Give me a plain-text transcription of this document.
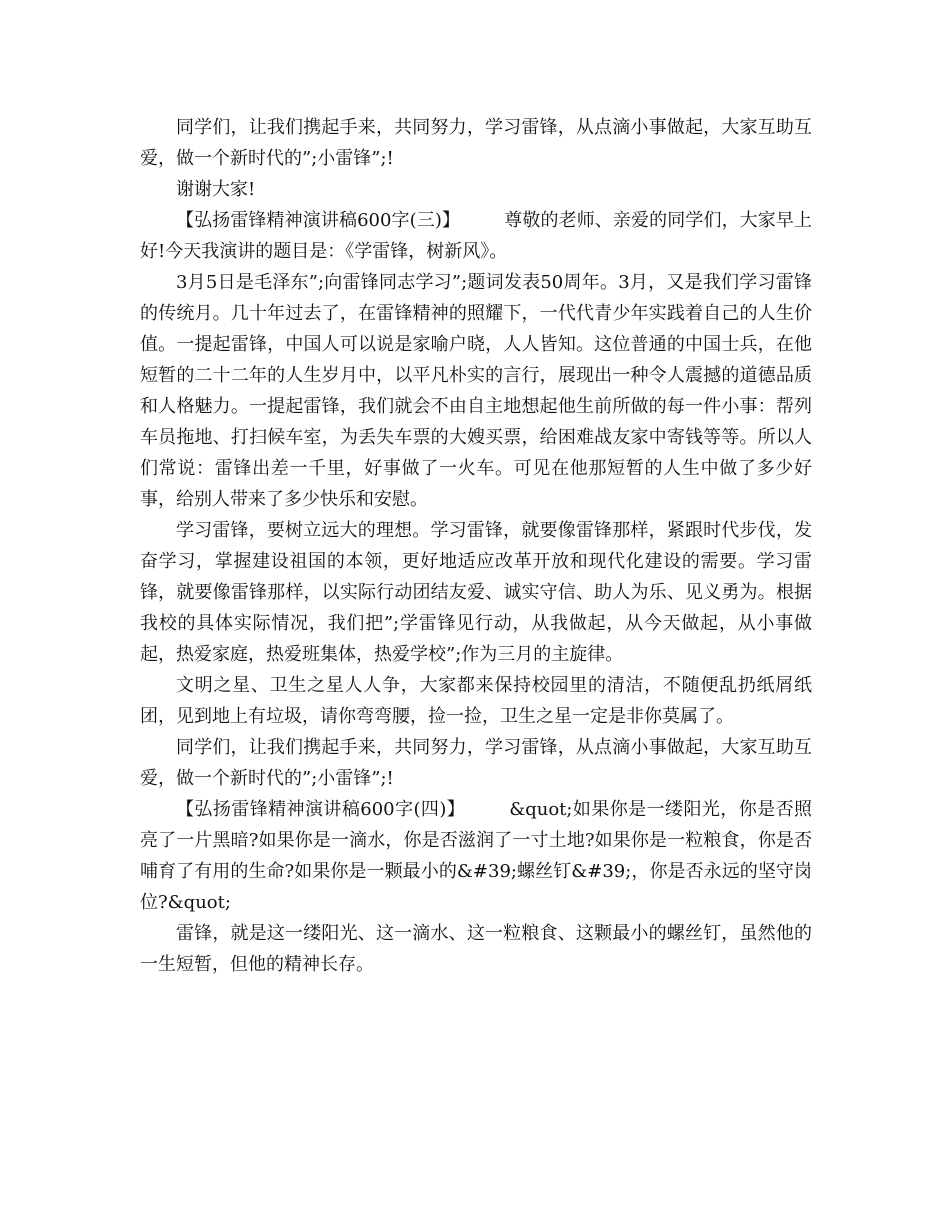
同学们，让我们携起手来，共同努力，学习雷锋，从点滴小事做起，大家互助互爱，做一个新时代的”;小雷锋”;!

谢谢大家!

【弘扬雷锋精神演讲稿600字(三)】 尊敬的老师、亲爱的同学们，大家早上好!今天我演讲的题目是：《学雷锋，树新风》。

3月5日是毛泽东”;向雷锋同志学习”;题词发表50周年。3月，又是我们学习雷锋的传统月。几十年过去了，在雷锋精神的照耀下，一代代青少年实践着自己的人生价值。一提起雷锋，中国人可以说是家喻户晓，人人皆知。这位普通的中国士兵，在他短暂的二十二年的人生岁月中，以平凡朴实的言行，展现出一种令人震撼的道德品质和人格魅力。一提起雷锋，我们就会不由自主地想起他生前所做的每一件小事：帮列车员拖地、打扫候车室，为丢失车票的大嫂买票，给困难战友家中寄钱等等。所以人们常说：雷锋出差一千里，好事做了一火车。可见在他那短暂的人生中做了多少好事，给别人带来了多少快乐和安慰。

学习雷锋，要树立远大的理想。学习雷锋，就要像雷锋那样，紧跟时代步伐，发奋学习，掌握建设祖国的本领，更好地适应改革开放和现代化建设的需要。学习雷锋，就要像雷锋那样，以实际行动团结友爱、诚实守信、助人为乐、见义勇为。根据我校的具体实际情况，我们把”;学雷锋见行动，从我做起，从今天做起，从小事做起，热爱家庭，热爱班集体，热爱学校”;作为三月的主旋律。

文明之星、卫生之星人人争，大家都来保持校园里的清洁，不随便乱扔纸屑纸团，见到地上有垃圾，请你弯弯腰，捡一捡，卫生之星一定是非你莫属了。

同学们，让我们携起手来，共同努力，学习雷锋，从点滴小事做起，大家互助互爱，做一个新时代的”;小雷锋”;!

【弘扬雷锋精神演讲稿600字(四)】 &quot;如果你是一缕阳光，你是否照亮了一片黑暗?如果你是一滴水，你是否滋润了一寸土地?如果你是一粒粮食，你是否哺育了有用的生命?如果你是一颗最小的&#39;螺丝钉&#39;，你是否永远的坚守岗位?&quot;

雷锋，就是这一缕阳光、这一滴水、这一粒粮食、这颗最小的螺丝钉，虽然他的一生短暂，但他的精神长存。
